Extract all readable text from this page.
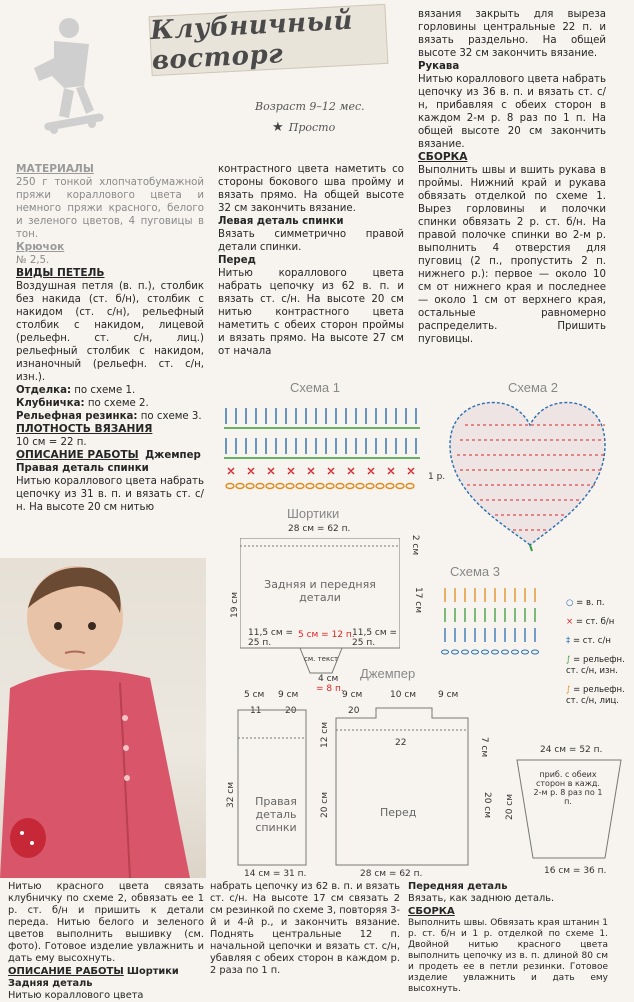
Клубничный восторг
Возраст 9–12 мес.
★ Просто
МАТЕРИАЛЫ

250 г тонкой хлопчатобумажной пряжи кораллового цвета и немного пряжи красного, белого и зеленого цветов, 4 пуговицы в тон.

Крючок

№ 2,5.

ВИДЫ ПЕТЕЛЬ

Воздушная петля (в. п.), столбик без накида (ст. б/н), столбик с накидом (ст. с/н), рельефный столбик с накидом, лицевой (рельефн. ст. с/н, лиц.) рельефный столбик с накидом, изнаночный (рельефн. ст. с/н, изн.).

Отделка: по схеме 1.

Клубничка: по схеме 2.

Рельефная резинка: по схеме 3.

ПЛОТНОСТЬ ВЯЗАНИЯ

10 см = 22 п.

ОПИСАНИЕ РАБОТЫ Джемпер
Правая деталь спинки

Нитью кораллового цвета набрать цепочку из 31 в. п. и вязать ст. с/н. На высоте 20 см нитью

контрастного цвета наметить со стороны бокового шва пройму и вязать прямо. На общей высоте 32 см закончить вязание.

Левая деталь спинки

Вязать симметрично правой детали спинки.

Перед

Нитью кораллового цвета набрать цепочку из 62 в. п. и вязать ст. с/н. На высоте 20 см нитью контрастного цвета наметить с обеих сторон проймы и вязать прямо. На высоте 27 см от начала

вязания закрыть для выреза горловины центральные 22 п. и вязать раздельно. На общей высоте 32 см закончить вязание.

Рукава

Нитью кораллового цвета набрать цепочку из 36 в. п. и вязать ст. с/н, прибавляя с обеих сторон в каждом 2-м р. 8 раз по 1 п. На общей высоте 20 см закончить вязание.

СБОРКА

Выполнить швы и вшить рукава в проймы. Нижний край и рукава обвязать отделкой по схеме 1. Вырез горловины и полочки спинки обвязать 2 р. ст. б/н. На правой полочке спинки во 2-м р. выполнить 4 отверстия для пуговиц (2 п., пропустить 2 п. нижнего р.): первое — около 10 см от нижнего края и последнее — около 1 см от верхнего края, остальные равномерно распределить. Пришить пуговицы.

Схема 1
1 р.
Схема 2
Шортики
28 см = 62 п.
Задняя и передняя детали
19 см	17 см
2 см
11,5 см = 25 п.
5 см = 12 п.
11,5 см = 25 п.
см. текст
4 см
= 8 п.
Схема 3
○ = в. п.
× = ст. б/н
‡ = ст. с/н
∫ = рельефн. ст. с/н, изн.
∫ = рельефн. ст. с/н, лиц.
Джемпер
5 см 9 см	9 см	10 см 9 см
11	20	20
22
12 см
32 см	20 см
7 см
20 см
Правая деталь спинки
Перед
14 см = 31 п.	28 см = 62 п.
24 см = 52 п.
приб. с обеих сторон в кажд. 2-м р. 8 раз по 1 п.
20 см
16 см = 36 п.

Нитью красного цвета связать клубничку по схеме 2, обвязать ее 1 р. ст. б/н и пришить к детали переда. Нитью белого и зеленого цветов выполнить вышивку (см. фото). Готовое изделие увлажнить и дать ему высохнуть.

ОПИСАНИЕ РАБОТЫ Шортики
Задняя деталь

Нитью кораллового цвета

набрать цепочку из 62 в. п. и вязать ст. с/н. На высоте 17 см связать 2 см резинкой по схеме 3, повторяя 3-й и 4-й р., и закончить вязание. Поднять центральные 12 п. начальной цепочки и вязать ст. с/н, убавляя с обеих сторон в каждом р. 2 раза по 1 п.

Передняя деталь

Вязать, как заднюю деталь.

СБОРКА

Выполнить швы. Обвязать края штанин 1 р. ст. б/н и 1 р. отделкой по схеме 1. Двойной нитью красного цвета выполнить цепочку из в. п. длиной 80 см и продеть ее в петли резинки. Готовое изделие увлажнить и дать ему высохнуть.
